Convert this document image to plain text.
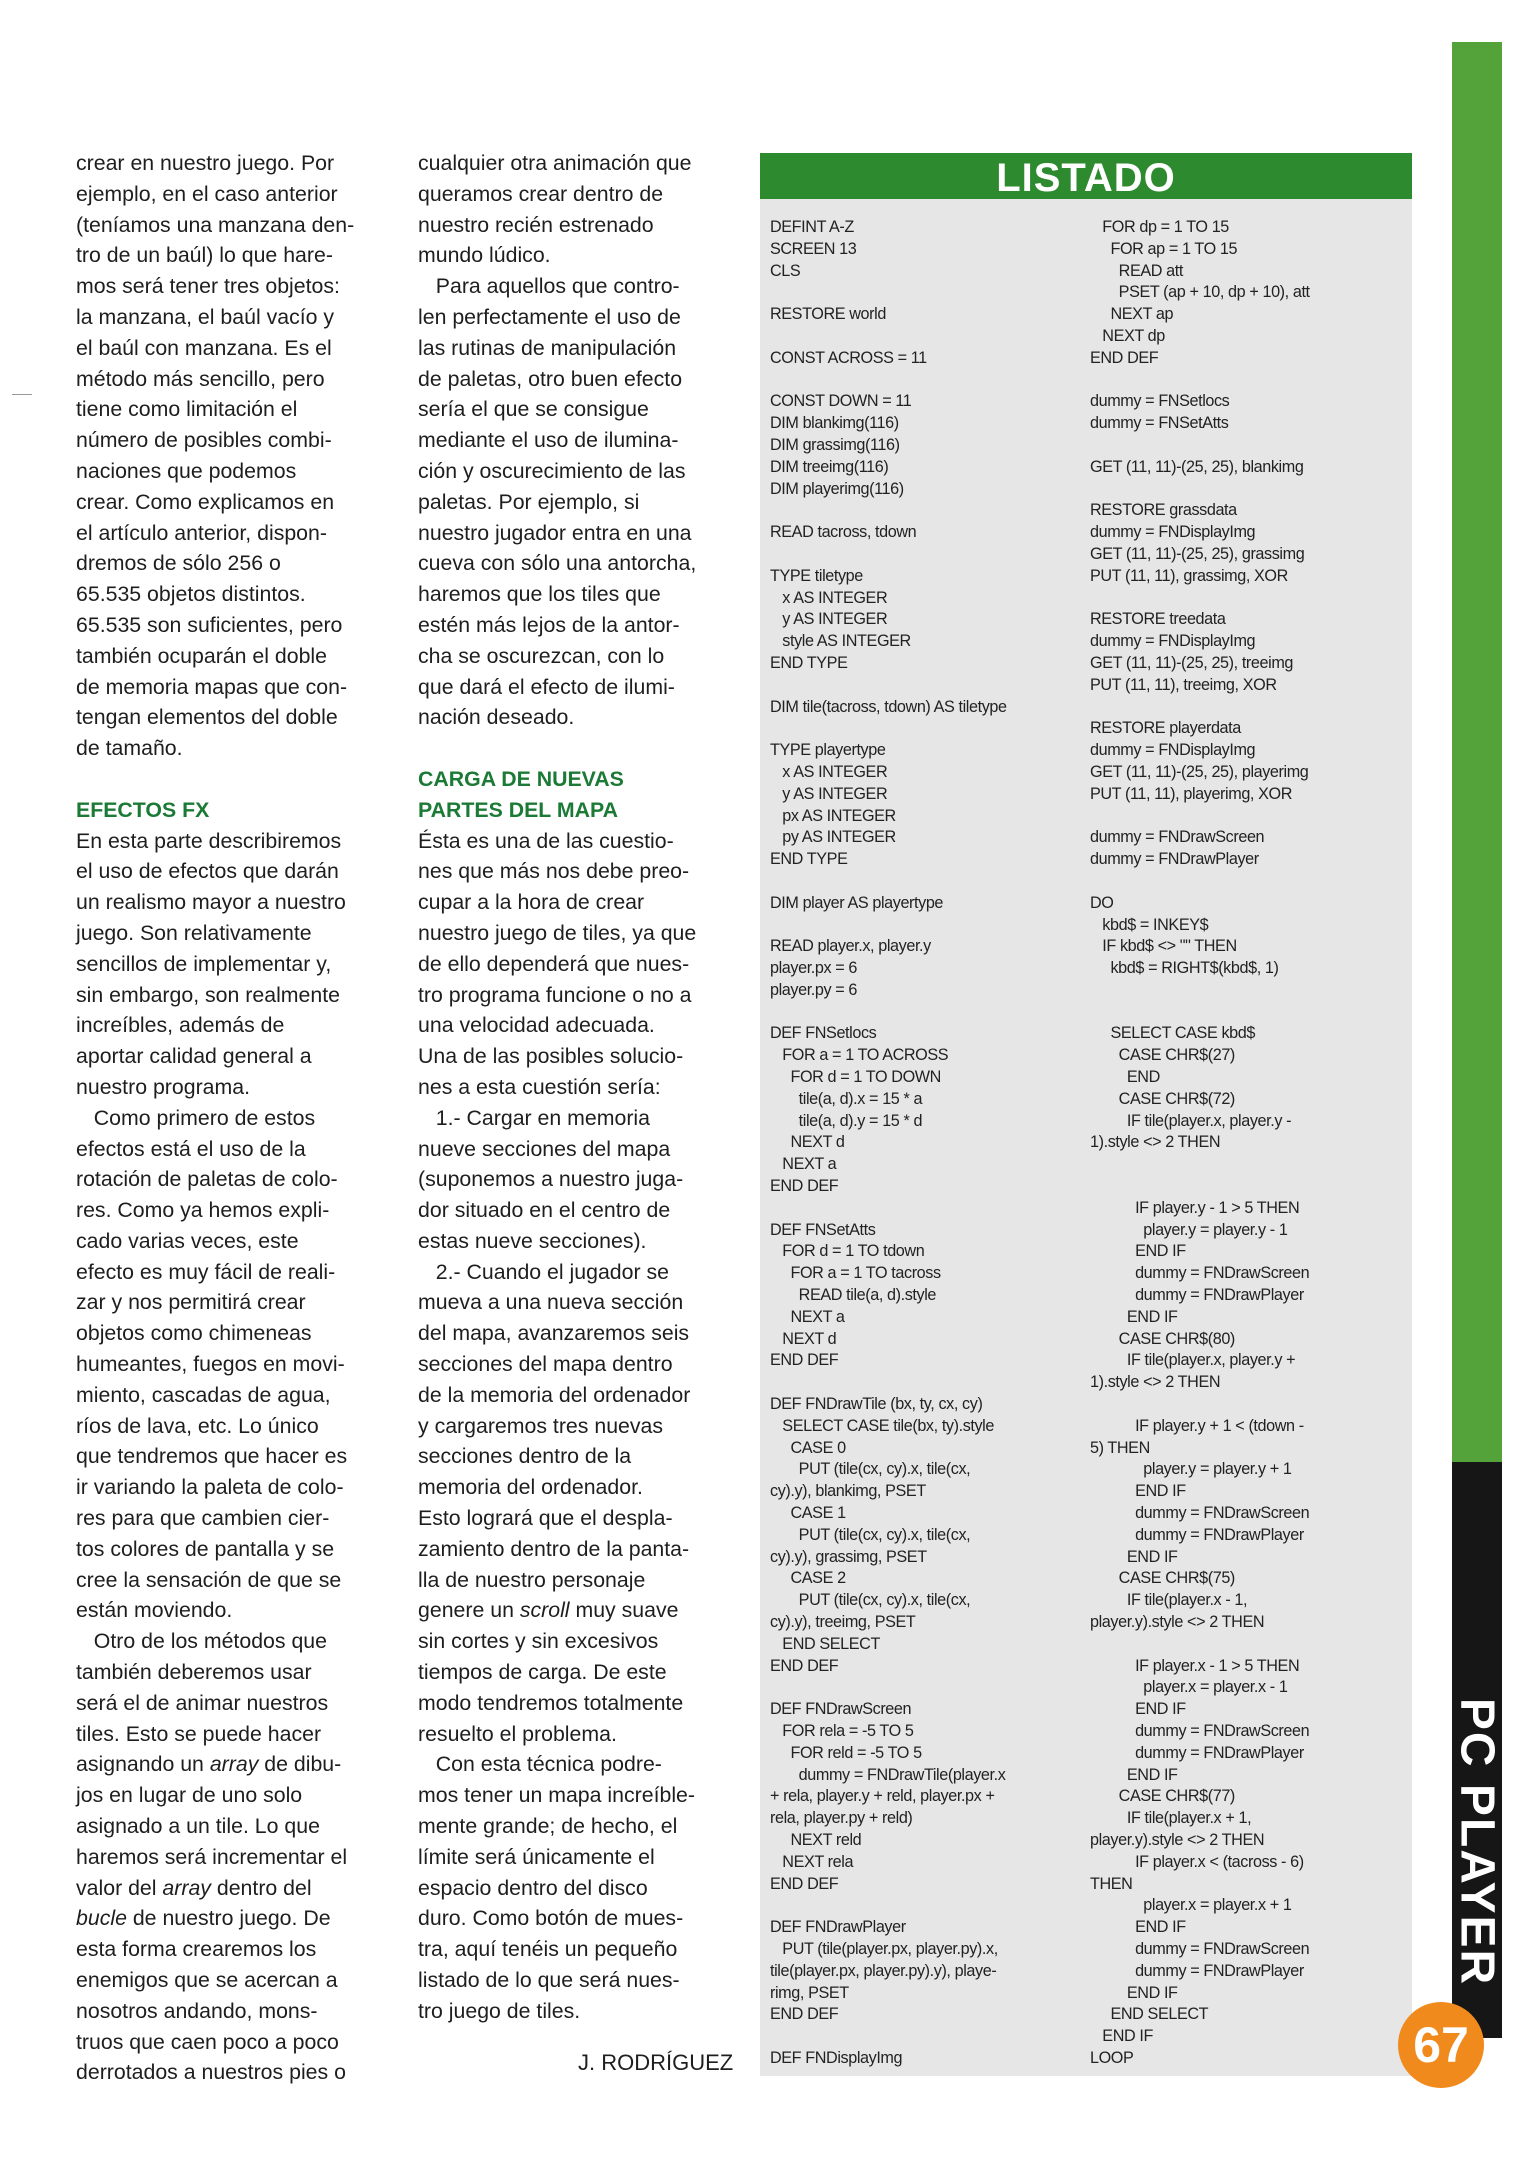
crear en nuestro juego. Por

ejemplo, en el caso anterior

(teníamos una manzana den-

tro de un baúl) lo que hare-

mos será tener tres objetos:

la manzana, el baúl vacío y

el baúl con manzana. Es el

método más sencillo, pero

tiene como limitación el

número de posibles combi-

naciones que podemos

crear. Como explicamos en

el artículo anterior, dispon-

dremos de sólo 256 o

65.535 objetos distintos.

65.535 son suficientes, pero

también ocuparán el doble

de memoria mapas que con-

tengan elementos del doble

de tamaño.

EFECTOS FX

En esta parte describiremos

el uso de efectos que darán

un realismo mayor a nuestro

juego. Son relativamente

sencillos de implementar y,

sin embargo, son realmente

increíbles, además de

aportar calidad general a

nuestro programa.

Como primero de estos

efectos está el uso de la

rotación de paletas de colo-

res. Como ya hemos expli-

cado varias veces, este

efecto es muy fácil de reali-

zar y nos permitirá crear

objetos como chimeneas

humeantes, fuegos en movi-

miento, cascadas de agua,

ríos de lava, etc. Lo único

que tendremos que hacer es

ir variando la paleta de colo-

res para que cambien cier-

tos colores de pantalla y se

cree la sensación de que se

están moviendo.

Otro de los métodos que

también deberemos usar

será el de animar nuestros

tiles. Esto se puede hacer

asignando un array de dibu-

jos en lugar de uno solo

asignado a un tile. Lo que

haremos será incrementar el

valor del array dentro del

bucle de nuestro juego. De

esta forma crearemos los

enemigos que se acercan a

nosotros andando, mons-

truos que caen poco a poco

derrotados a nuestros pies o

cualquier otra animación que

queramos crear dentro de

nuestro recién estrenado

mundo lúdico.

Para aquellos que contro-

len perfectamente el uso de

las rutinas de manipulación

de paletas, otro buen efecto

sería el que se consigue

mediante el uso de ilumina-

ción y oscurecimiento de las

paletas. Por ejemplo, si

nuestro jugador entra en una

cueva con sólo una antorcha,

haremos que los tiles que

estén más lejos de la antor-

cha se oscurezcan, con lo

que dará el efecto de ilumi-

nación deseado.

CARGA DE NUEVAS

PARTES DEL MAPA

Ésta es una de las cuestio-

nes que más nos debe preo-

cupar a la hora de crear

nuestro juego de tiles, ya que

de ello dependerá que nues-

tro programa funcione o no a

una velocidad adecuada.

Una de las posibles solucio-

nes a esta cuestión sería:

1.- Cargar en memoria

nueve secciones del mapa

(suponemos a nuestro juga-

dor situado en el centro de

estas nueve secciones).

2.- Cuando el jugador se

mueva a una nueva sección

del mapa, avanzaremos seis

secciones del mapa dentro

de la memoria del ordenador

y cargaremos tres nuevas

secciones dentro de la

memoria del ordenador.

Esto logrará que el despla-

zamiento dentro de la panta-

lla de nuestro personaje

genere un scroll muy suave

sin cortes y sin excesivos

tiempos de carga. De este

modo tendremos totalmente

resuelto el problema.

Con esta técnica podre-

mos tener un mapa increíble-

mente grande; de hecho, el

límite será únicamente el

espacio dentro del disco

duro. Como botón de mues-

tra, aquí tenéis un pequeño

listado de lo que será nues-

tro juego de tiles.

LISTADO
DEFINT A-Z
SCREEN 13
CLS
RESTORE world
CONST ACROSS = 11
CONST DOWN = 11
DIM blankimg(116)
DIM grassimg(116)
DIM treeimg(116)
DIM playerimg(116)
READ tacross, tdown
TYPE tiletype
x AS INTEGER
y AS INTEGER
style AS INTEGER
END TYPE
DIM tile(tacross, tdown) AS tiletype
TYPE playertype
x AS INTEGER
y AS INTEGER
px AS INTEGER
py AS INTEGER
END TYPE
DIM player AS playertype
READ player.x, player.y
player.px = 6
player.py = 6
DEF FNSetlocs
FOR a = 1 TO ACROSS
FOR d = 1 TO DOWN
tile(a, d).x = 15 * a
tile(a, d).y = 15 * d
NEXT d
NEXT a
END DEF
DEF FNSetAtts
FOR d = 1 TO tdown
FOR a = 1 TO tacross
READ tile(a, d).style
NEXT a
NEXT d
END DEF
DEF FNDrawTile (bx, ty, cx, cy)
SELECT CASE tile(bx, ty).style
CASE 0
PUT (tile(cx, cy).x, tile(cx,
cy).y), blankimg, PSET
CASE 1
PUT (tile(cx, cy).x, tile(cx,
cy).y), grassimg, PSET
CASE 2
PUT (tile(cx, cy).x, tile(cx,
cy).y), treeimg, PSET
END SELECT
END DEF
DEF FNDrawScreen
FOR rela = -5 TO 5
FOR reld = -5 TO 5
dummy = FNDrawTile(player.x
+ rela, player.y + reld, player.px +
rela, player.py + reld)
NEXT reld
NEXT rela
END DEF
DEF FNDrawPlayer
PUT (tile(player.px, player.py).x,
tile(player.px, player.py).y), playe-
rimg, PSET
END DEF
DEF FNDisplayImg
FOR dp = 1 TO 15
FOR ap = 1 TO 15
READ att
PSET (ap + 10, dp + 10), att
NEXT ap
NEXT dp
END DEF
dummy = FNSetlocs
dummy = FNSetAtts
GET (11, 11)-(25, 25), blankimg
RESTORE grassdata
dummy = FNDisplayImg
GET (11, 11)-(25, 25), grassimg
PUT (11, 11), grassimg, XOR
RESTORE treedata
dummy = FNDisplayImg
GET (11, 11)-(25, 25), treeimg
PUT (11, 11), treeimg, XOR
RESTORE playerdata
dummy = FNDisplayImg
GET (11, 11)-(25, 25), playerimg
PUT (11, 11), playerimg, XOR
dummy = FNDrawScreen
dummy = FNDrawPlayer
DO
kbd$ = INKEY$
IF kbd$ <> "" THEN
kbd$ = RIGHT$(kbd$, 1)
SELECT CASE kbd$
CASE CHR$(27)
END
CASE CHR$(72)
IF tile(player.x, player.y -
1).style <> 2 THEN
IF player.y - 1 > 5 THEN
player.y = player.y - 1
END IF
dummy = FNDrawScreen
dummy = FNDrawPlayer
END IF
CASE CHR$(80)
IF tile(player.x, player.y +
1).style <> 2 THEN
IF player.y + 1 < (tdown -
5) THEN
player.y = player.y + 1
END IF
dummy = FNDrawScreen
dummy = FNDrawPlayer
END IF
CASE CHR$(75)
IF tile(player.x - 1,
player.y).style <> 2 THEN
IF player.x - 1 > 5 THEN
player.x = player.x - 1
END IF
dummy = FNDrawScreen
dummy = FNDrawPlayer
END IF
CASE CHR$(77)
IF tile(player.x + 1,
player.y).style <> 2 THEN
IF player.x < (tacross - 6)
THEN
player.x = player.x + 1
END IF
dummy = FNDrawScreen
dummy = FNDrawPlayer
END IF
END SELECT
END IF
LOOP
J. RODRÍGUEZ
PC PLAYER
67
